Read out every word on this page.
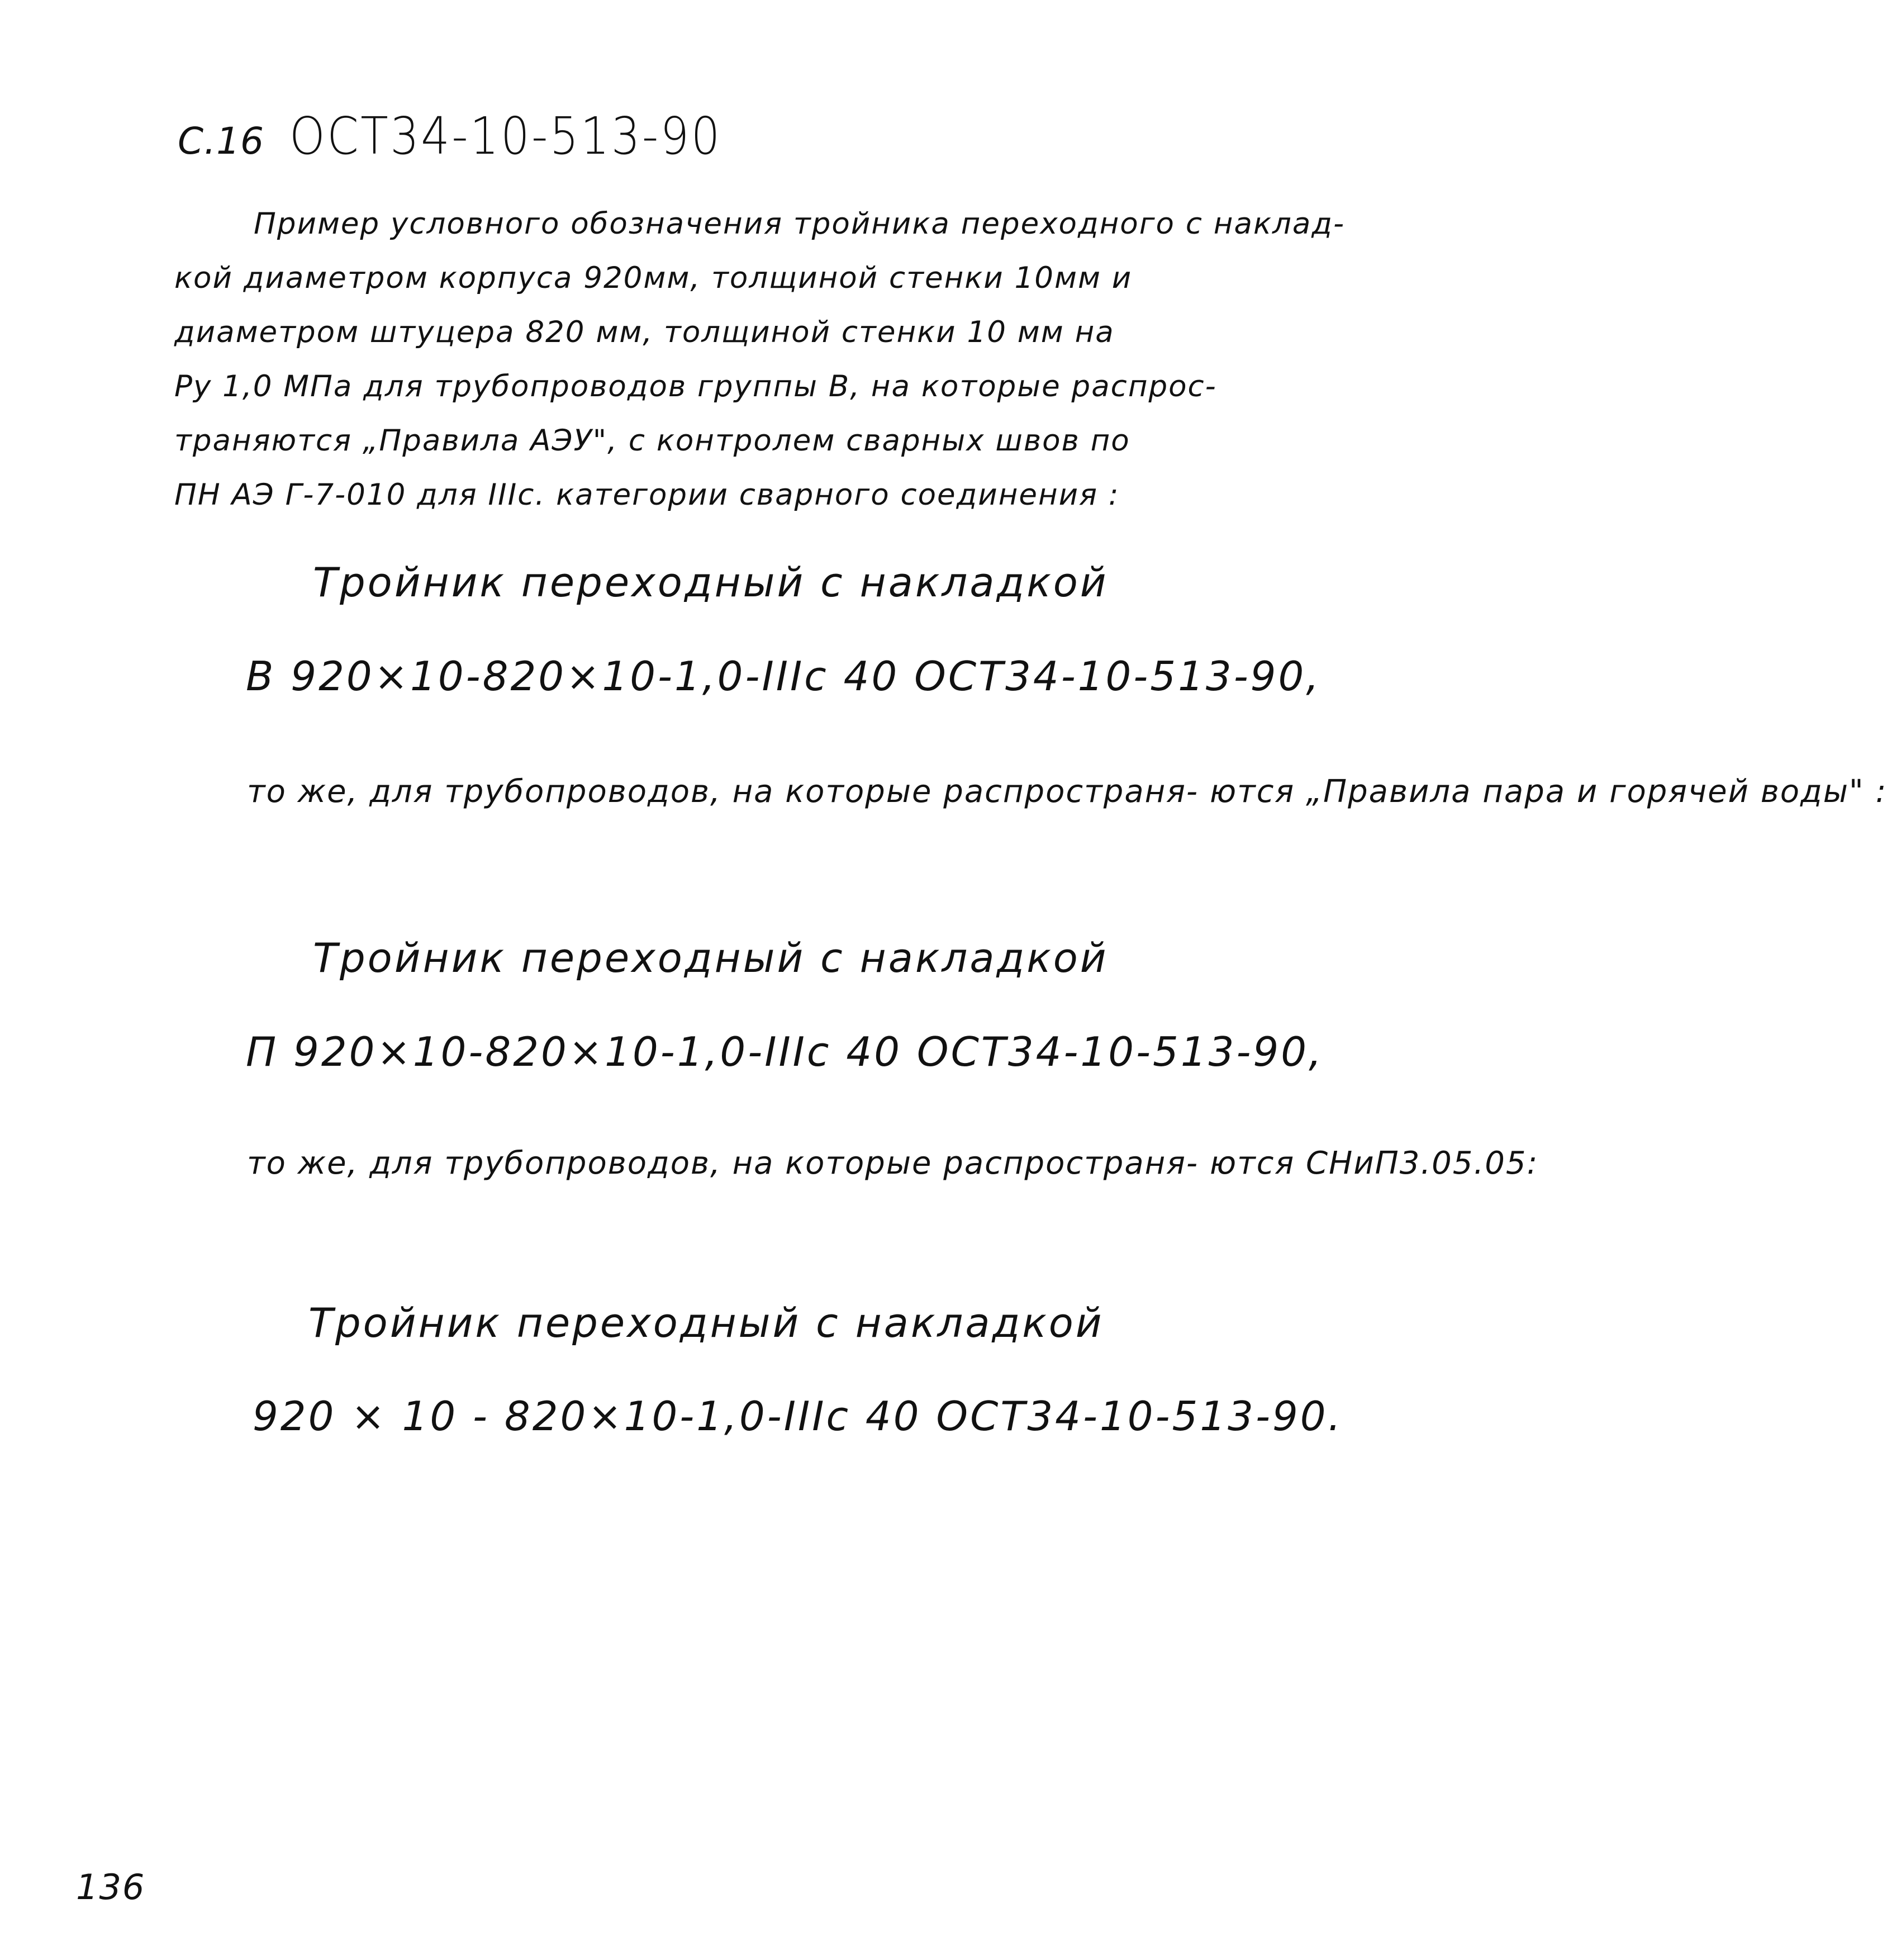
С.16 ОСТ34-10-513-90
Пример условного обозначения тройника переходного с наклад-
кой диаметром корпуса 920мм, толщиной стенки 10мм и
диаметром штуцера 820 мм, толщиной стенки 10 мм на
Ру 1,0 МПа для трубопроводов группы В, на которые распрос-
траняются „Правила АЭУ", с контролем сварных швов по
ПН АЭ Г-7-010 для IIIс. категории сварного соединения :
Тройник переходный с накладкой
В 920×10-820×10-1,0-IIIс 40 ОСТ34-10-513-90,
то же, для трубопроводов, на которые распространя- ются „Правила пара и горячей воды" :
Тройник переходный с накладкой
П 920×10-820×10-1,0-IIIс 40 ОСТ34-10-513-90,
то же, для трубопроводов, на которые распространя- ются СНиП3.05.05:
Тройник переходный с накладкой
920 × 10 - 820×10-1,0-IIIс 40 ОСТ34-10-513-90.
136
